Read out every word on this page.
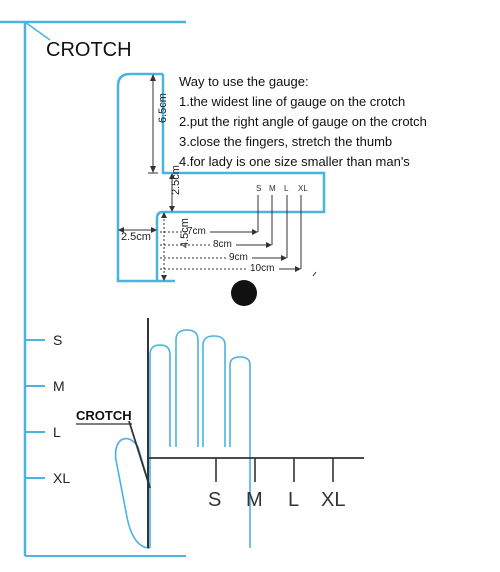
CROTCH
6.5cm
2.5cm
2.5cm	4.5cm
S M L XL
7cm
8cm
9cm
10cm
S
M
L
XL
CROTCH
S M L XL
Way to use the gauge:
1.the widest line of gauge on the crotch
2.put the right angle of gauge on the crotch
3.close the fingers, stretch the thumb
4.for lady is one size smaller than man's
